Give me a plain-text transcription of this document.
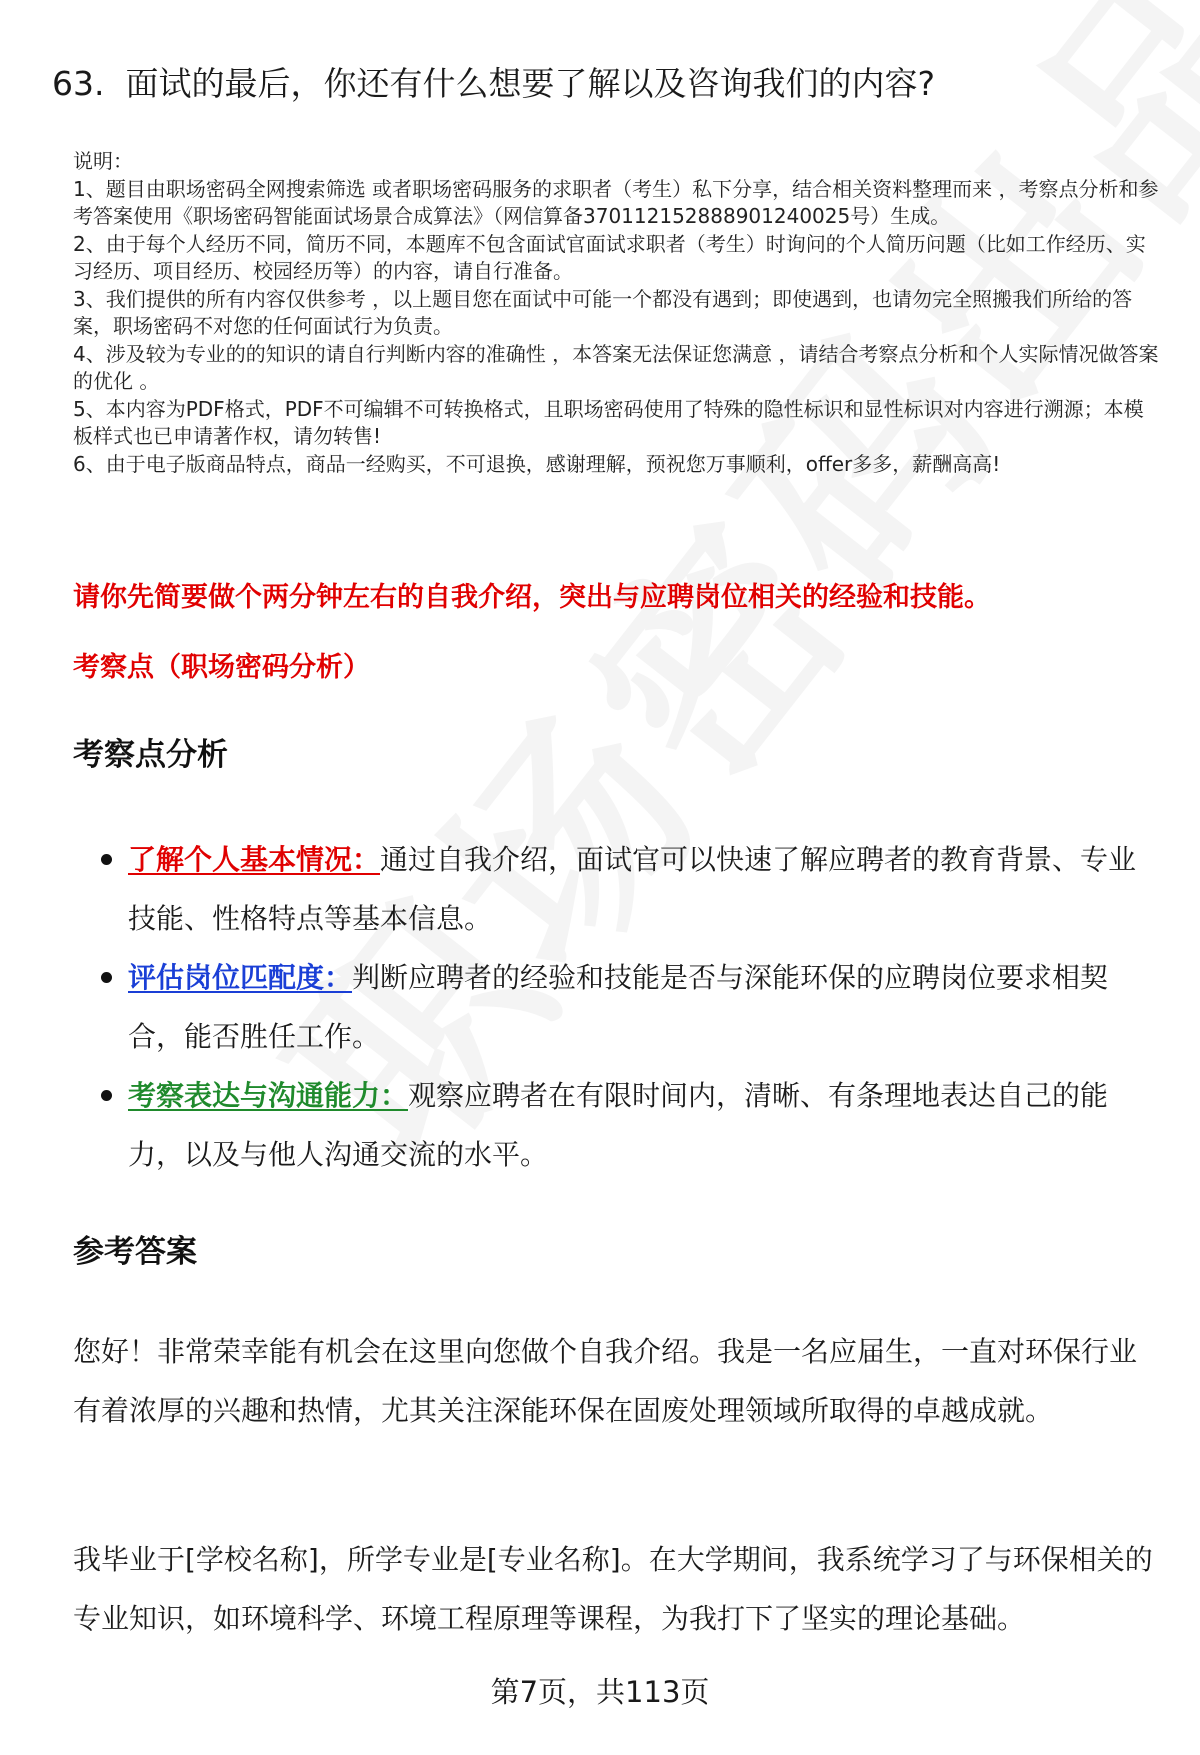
63. 面试的最后，你还有什么想要了解以及咨询我们的内容?

说明：

1、题目由职场密码全网搜索筛选 或者职场密码服务的求职者（考生）私下分享，结合相关资料整理而来 ，考察点分析和参考答案使用《职场密码智能面试场景合成算法》（网信算备370112152888901240025号）生成。

2、由于每个人经历不同，简历不同，本题库不包含面试官面试求职者（考生）时询问的个人简历问题（比如工作经历、实习经历、项目经历、校园经历等）的内容，请自行准备。

3、我们提供的所有内容仅供参考 ，以上题目您在面试中可能一个都没有遇到；即使遇到，也请勿完全照搬我们所给的答案，职场密码不对您的任何面试行为负责。

4、涉及较为专业的的知识的请自行判断内容的准确性 ，本答案无法保证您满意 ，请结合考察点分析和个人实际情况做答案的优化 。

5、本内容为PDF格式，PDF不可编辑不可转换格式，且职场密码使用了特殊的隐性标识和显性标识对内容进行溯源；本模板样式也已申请著作权，请勿转售!

6、由于电子版商品特点，商品一经购买，不可退换，感谢理解，预祝您万事顺利，offer多多，薪酬高高!

请你先简要做个两分钟左右的自我介绍，突出与应聘岗位相关的经验和技能。
考察点（职场密码分析）
考察点分析
了解个人基本情况：通过自我介绍，面试官可以快速了解应聘者的教育背景、专业技能、性格特点等基本信息。
评估岗位匹配度：判断应聘者的经验和技能是否与深能环保的应聘岗位要求相契合，能否胜任工作。
考察表达与沟通能力：观察应聘者在有限时间内，清晰、有条理地表达自己的能力，以及与他人沟通交流的水平。
参考答案
您好！非常荣幸能有机会在这里向您做个自我介绍。我是一名应届生，一直对环保行业有着浓厚的兴趣和热情，尤其关注深能环保在固废处理领域所取得的卓越成就。
我毕业于[学校名称]，所学专业是[专业名称]。在大学期间，我系统学习了与环保相关的专业知识，如环境科学、环境工程原理等课程，为我打下了坚实的理论基础。
第7页，共113页
